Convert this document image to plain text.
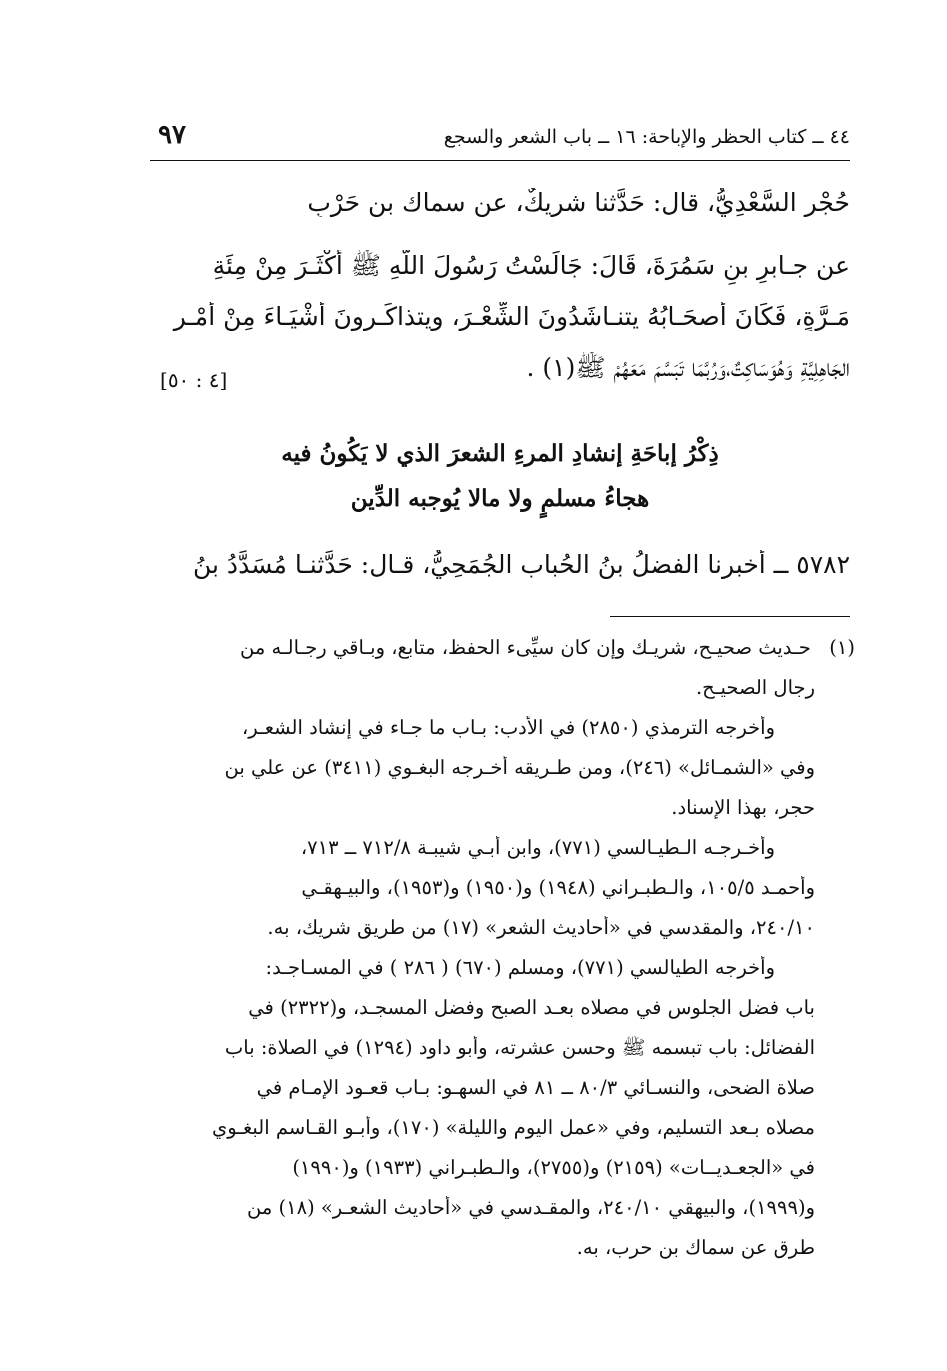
٤٤ ــ كتاب الحظر والإباحة: ١٦ ــ باب الشعر والسجع
٩٧
حُجْرٍ السَّعْدِيُّ، قال: حَدَّثنا شريكٌ، عن سماك بن حَرْبٍ
عن جـابرِ بنِ سَمُرَةَ، قَالَ: جَالَسْتُ رَسُولَ اللَّهِ ﷺ أَكْثَـرَ مِنْ مِئَةِ
مَـرَّةٍ، فَكَانَ أَصحَـابُهُ يتنـاشَدُونَ الشِّعْـرَ، ويتذاكَـرونَ أَشْيَـاءَ مِنْ أَمْـرِ
الجَاهِلِيَّةِ وَهُوَسَاكِتٌ،وَرُبَّمَا تَبَسَّمَ مَعَهُمْ ﷺ(١) .
[٤ : ٥٠]
ذِكْرُ إباحَةِ إنشادِ المرءِ الشعرَ الذي لا يَكُونُ فيه
هجاءُ مسلمٍ ولا مالا يُوجبه الدِّين
٥٧٨٢ ــ أخبرنا الفضلُ بنُ الحُباب الجُمَحِيُّ، قـال: حَدَّثنـا مُسَدَّدُ بنُ
(١) حـديث صحيـح، شريـك وإن كان سيِّىء الحفظ، متابع، وبـاقي رجـالـه من
رجال الصحيـح.
وأخرجه الترمذي (٢٨٥٠) في الأدب: بـاب ما جـاء في إنشاد الشعـر،
وفي «الشمـائل» (٢٤٦)، ومن طـريقه أخـرجه البغـوي (٣٤١١) عن علي بن
حجر، بهذا الإسناد.
وأخـرجـه الـطيـالسي (٧٧١)، وابن أبـي شيبـة ٧١٢/٨ ــ ٧١٣،
وأحمـد ١٠٥/٥، والـطبـراني (١٩٤٨) و(١٩٥٠) و(١٩٥٣)، والبيـهقـي
٢٤٠/١٠، والمقدسي في «أحاديث الشعر» (١٧) من طريق شريك، به.
وأخرجه الطيالسي (٧٧١)، ومسلم (٦٧٠) ( ٢٨٦ ) في المسـاجـد:
باب فضل الجلوس في مصلاه بعـد الصبح وفضل المسجـد، و(٢٣٢٢) في
الفضائل: باب تبسمه ﷺ وحسن عشرته، وأبو داود (١٢٩٤) في الصلاة: باب
صلاة الضحى، والنسـائي ٨٠/٣ ــ ٨١ في السهـو: بـاب قعـود الإمـام في
مصلاه بـعد التسليم، وفي «عمل اليوم والليلة» (١٧٠)، وأبـو القـاسم البغـوي
في «الجعـديــات» (٢١٥٩) و(٢٧٥٥)، والـطبـراني (١٩٣٣) و(١٩٩٠)
و(١٩٩٩)، والبيهقي ٢٤٠/١٠، والمقـدسي في «أحاديث الشعـر» (١٨) من
طرق عن سماك بن حرب، به.
